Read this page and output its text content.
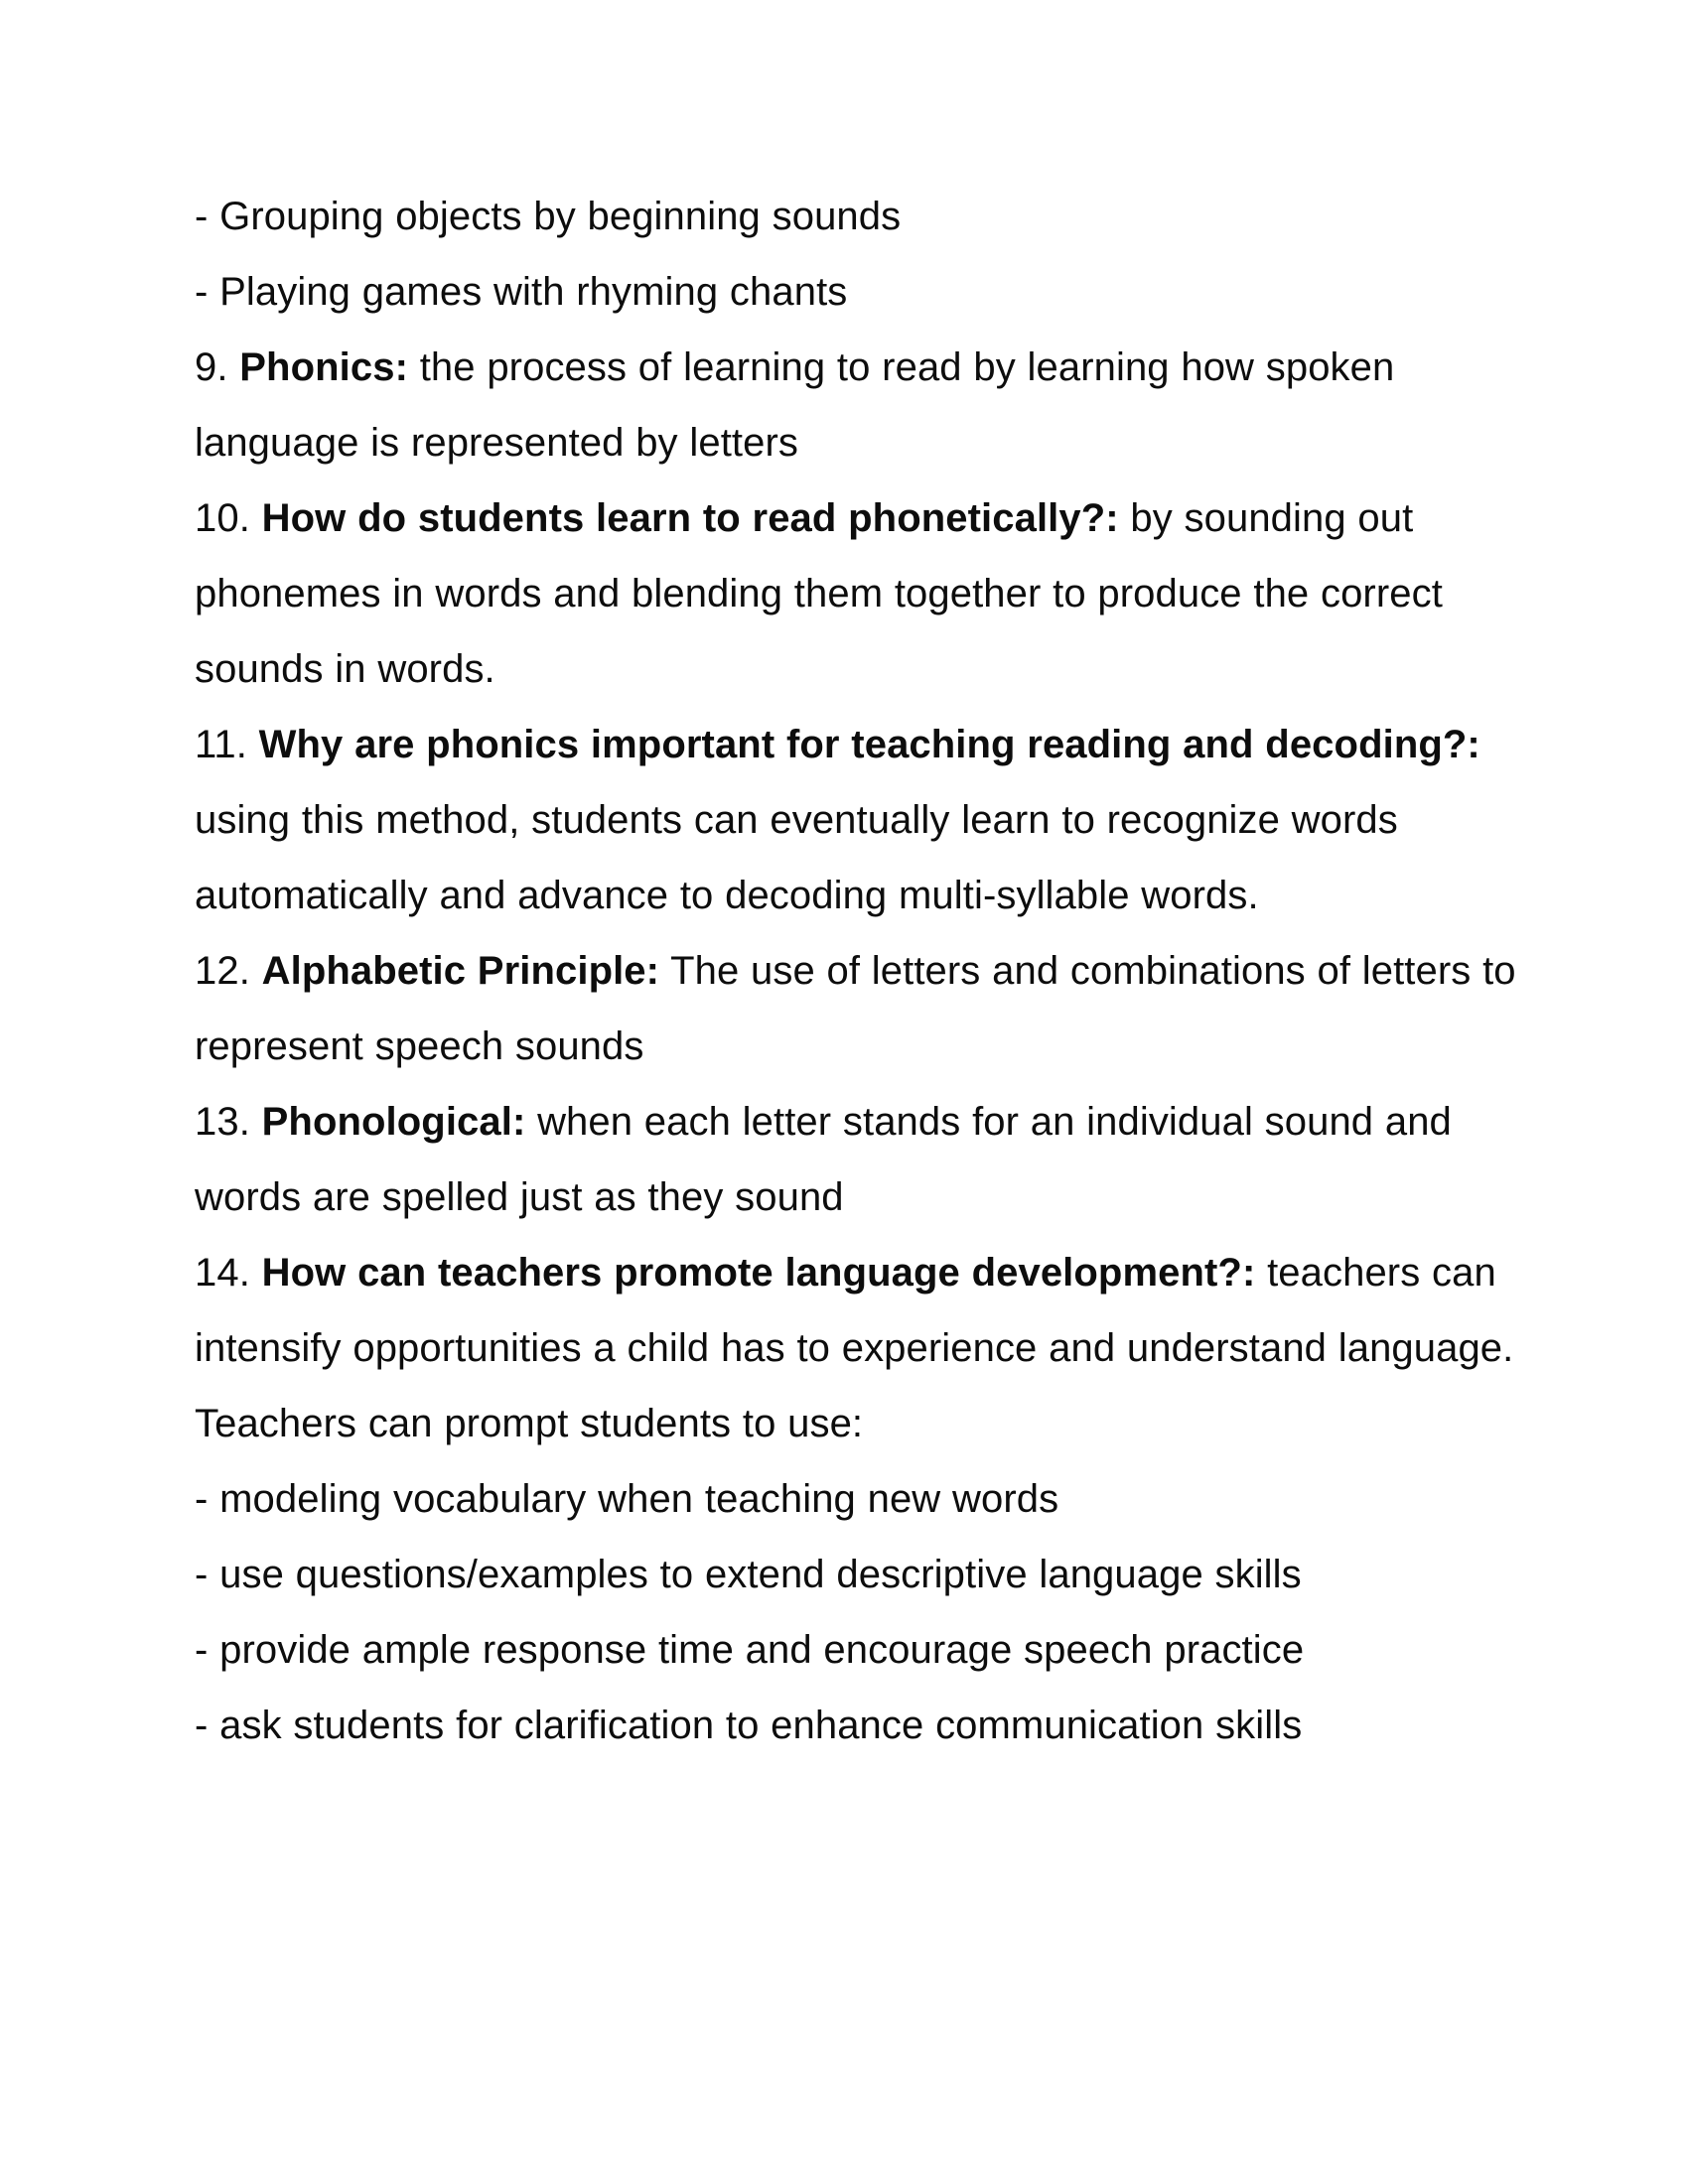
- Grouping objects by beginning sounds

- Playing games with rhyming chants

9. Phonics: the process of learning to read by learning how spoken language is represented by letters

10. How do students learn to read phonetically?: by sounding out phonemes in words and blending them together to produce the correct sounds in words.

11. Why are phonics important for teaching reading and decoding?: using this method, students can eventually learn to recognize words automatically and advance to decoding multi-syllable words.

12. Alphabetic Principle: The use of letters and combinations of letters to represent speech sounds

13. Phonological: when each letter stands for an individual sound and words are spelled just as they sound

14. How can teachers promote language development?: teachers can intensify opportunities a child has to experience and understand language.

Teachers can prompt students to use:

- modeling vocabulary when teaching new words

- use questions/examples to extend descriptive language skills

- provide ample response time and encourage speech practice

- ask students for clarification to enhance communication skills
